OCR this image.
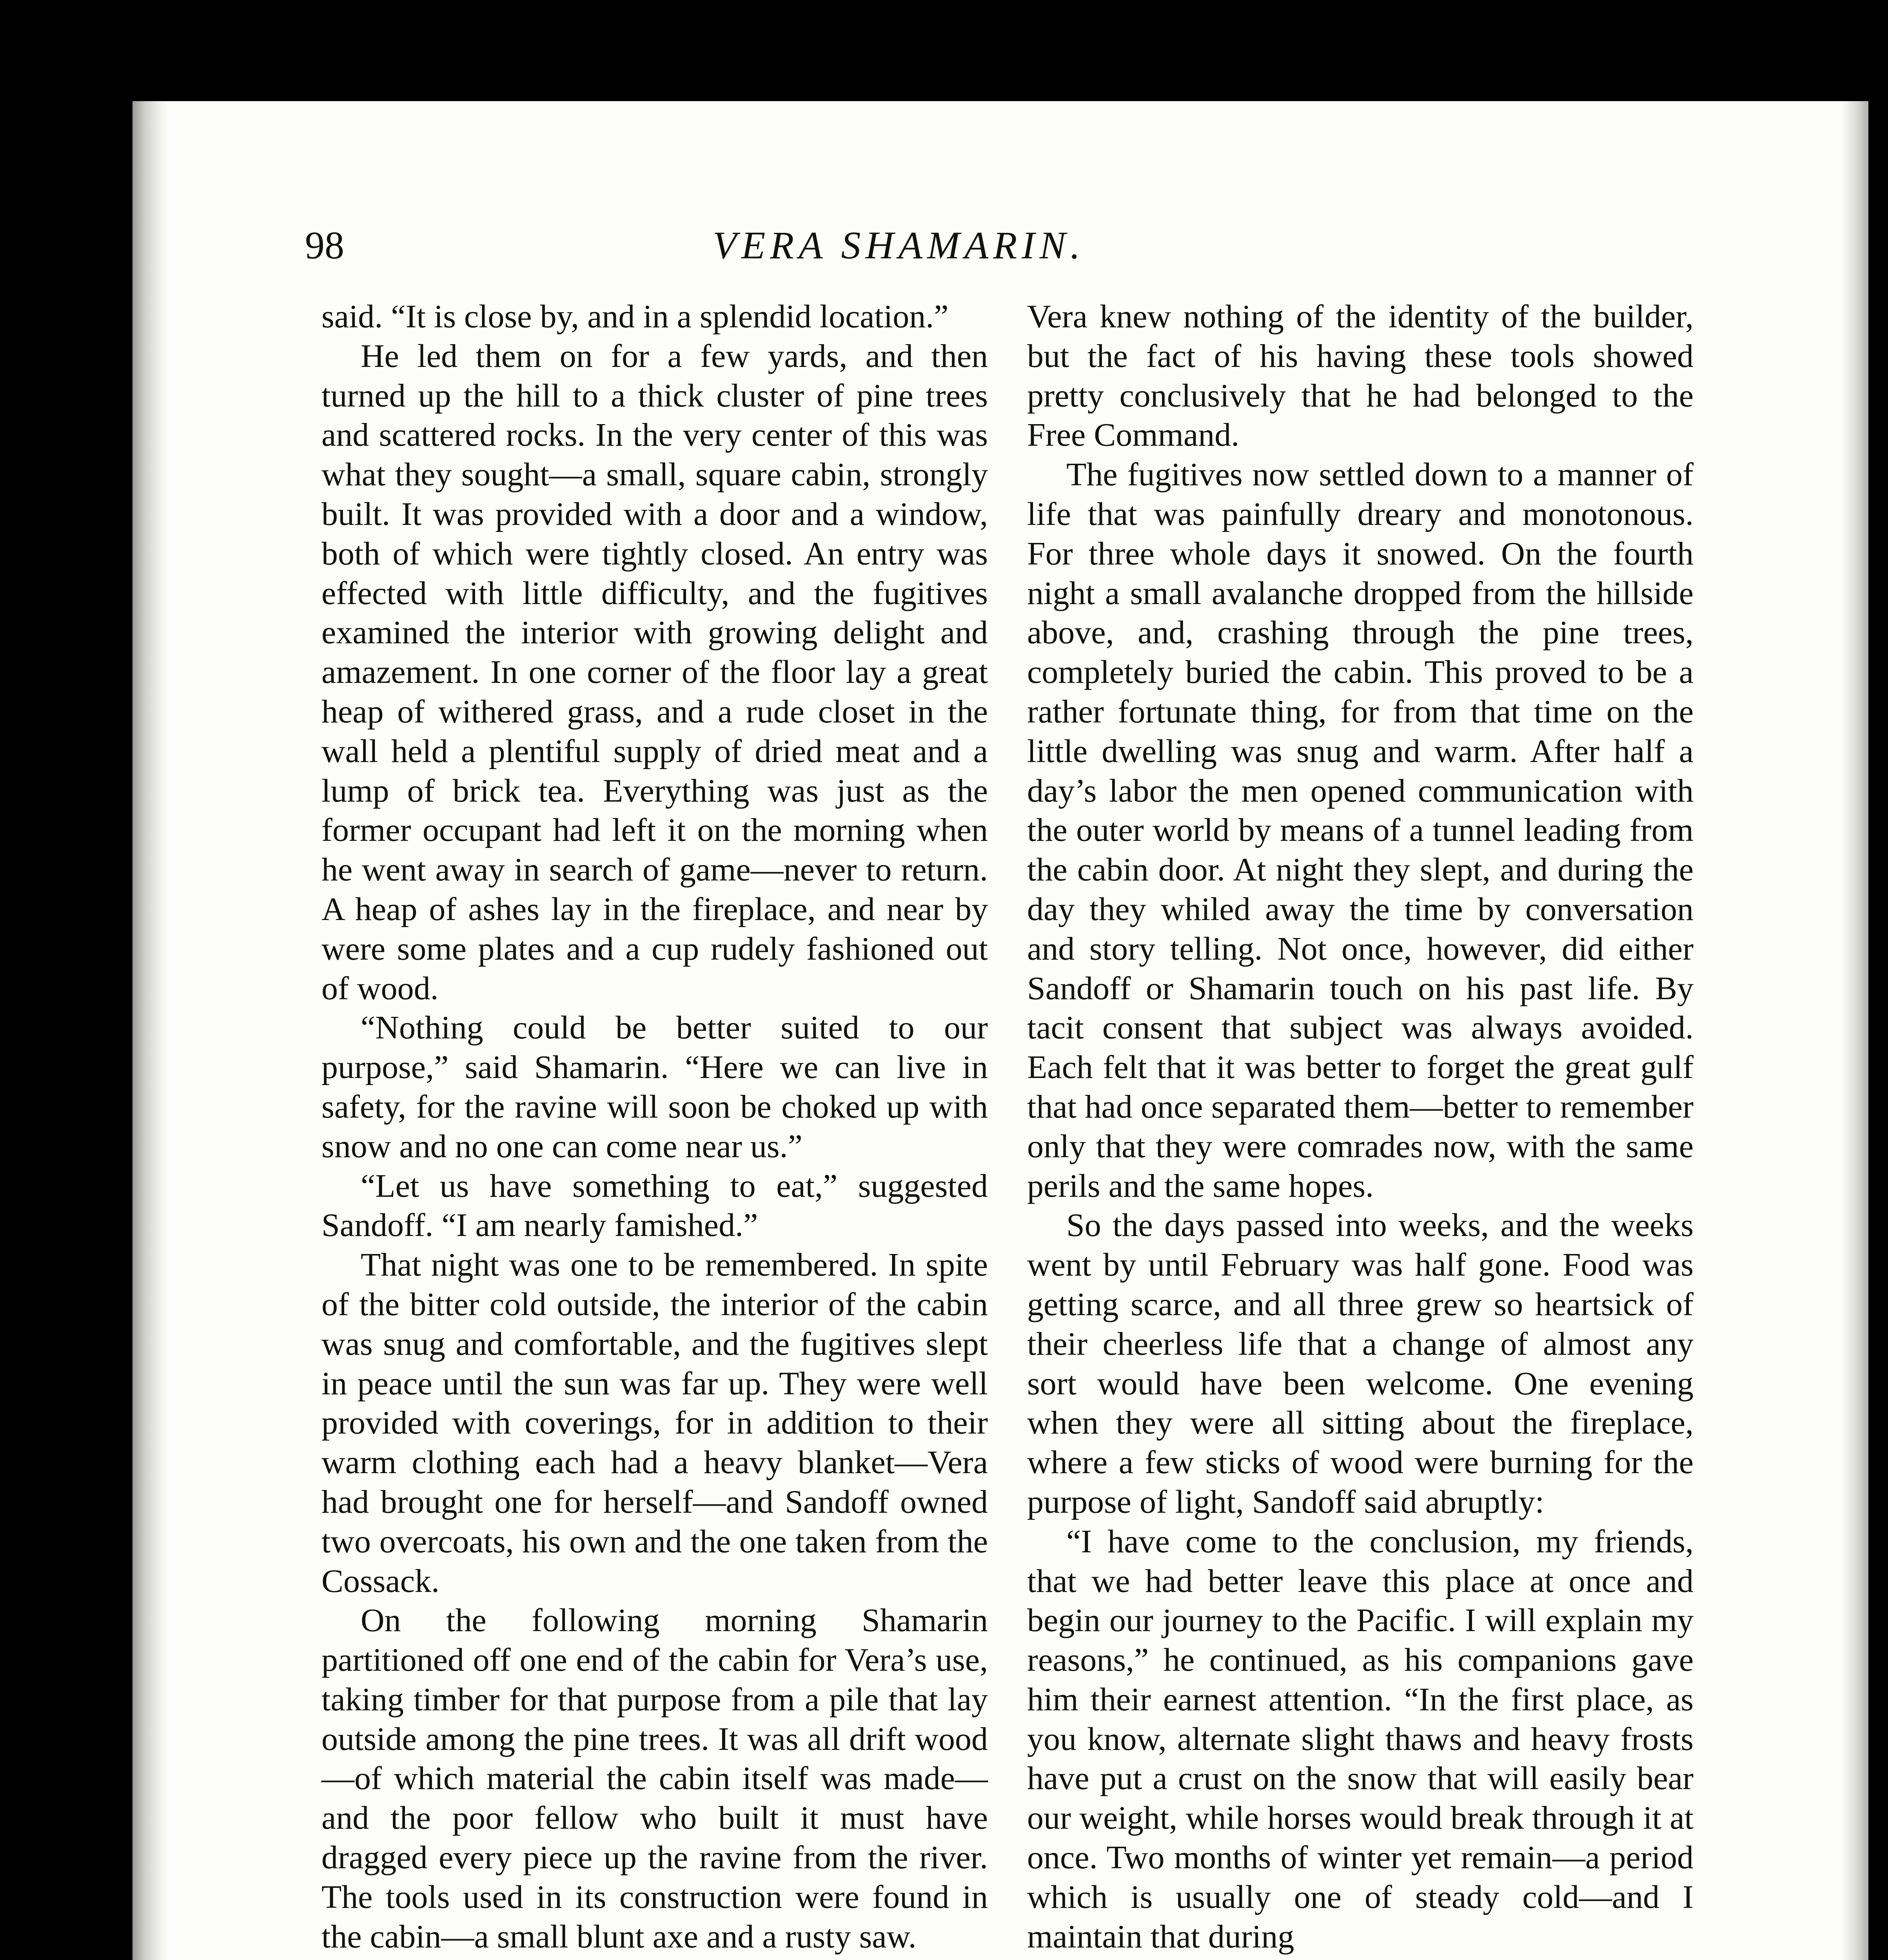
98	VERA SHAMARIN.

said. “It is close by, and in a splendid location.”

He led them on for a few yards, and then turned up the hill to a thick cluster of pine trees and scattered rocks. In the very center of this was what they sought—a small, square cabin, strongly built. It was provided with a door and a window, both of which were tightly closed. An entry was effected with little difficulty, and the fugitives examined the interior with growing delight and amazement. In one corner of the floor lay a great heap of withered grass, and a rude closet in the wall held a plentiful supply of dried meat and a lump of brick tea. Everything was just as the former occupant had left it on the morning when he went away in search of game—never to return. A heap of ashes lay in the fireplace, and near by were some plates and a cup rudely fashioned out of wood.

“Nothing could be better suited to our purpose,” said Shamarin. “Here we can live in safety, for the ravine will soon be choked up with snow and no one can come near us.”

“Let us have something to eat,” suggested Sandoff. “I am nearly famished.”

That night was one to be remembered. In spite of the bitter cold outside, the interior of the cabin was snug and comfortable, and the fugitives slept in peace until the sun was far up. They were well provided with coverings, for in addition to their warm clothing each had a heavy blanket—Vera had brought one for herself—and Sandoff owned two overcoats, his own and the one taken from the Cossack.

On the following morning Shamarin partitioned off one end of the cabin for Vera’s use, taking timber for that purpose from a pile that lay outside among the pine trees. It was all drift wood—of which material the cabin itself was made—and the poor fellow who built it must have dragged every piece up the ravine from the river. The tools used in its construction were found in the cabin—a small blunt axe and a rusty saw.

Vera knew nothing of the identity of the builder, but the fact of his having these tools showed pretty conclusively that he had belonged to the Free Command.

The fugitives now settled down to a manner of life that was painfully dreary and monotonous. For three whole days it snowed. On the fourth night a small avalanche dropped from the hillside above, and, crashing through the pine trees, completely buried the cabin. This proved to be a rather fortunate thing, for from that time on the little dwelling was snug and warm. After half a day’s labor the men opened communication with the outer world by means of a tunnel leading from the cabin door. At night they slept, and during the day they whiled away the time by conversation and story telling. Not once, however, did either Sandoff or Shamarin touch on his past life. By tacit consent that subject was always avoided. Each felt that it was better to forget the great gulf that had once separated them—better to remember only that they were comrades now, with the same perils and the same hopes.

So the days passed into weeks, and the weeks went by until February was half gone. Food was getting scarce, and all three grew so heartsick of their cheerless life that a change of almost any sort would have been welcome. One evening when they were all sitting about the fireplace, where a few sticks of wood were burning for the purpose of light, Sandoff said abruptly:

“I have come to the conclusion, my friends, that we had better leave this place at once and begin our journey to the Pacific. I will explain my reasons,” he continued, as his companions gave him their earnest attention. “In the first place, as you know, alternate slight thaws and heavy frosts have put a crust on the snow that will easily bear our weight, while horses would break through it at once. Two months of winter yet remain—a period which is usually one of steady cold—and I maintain that during
